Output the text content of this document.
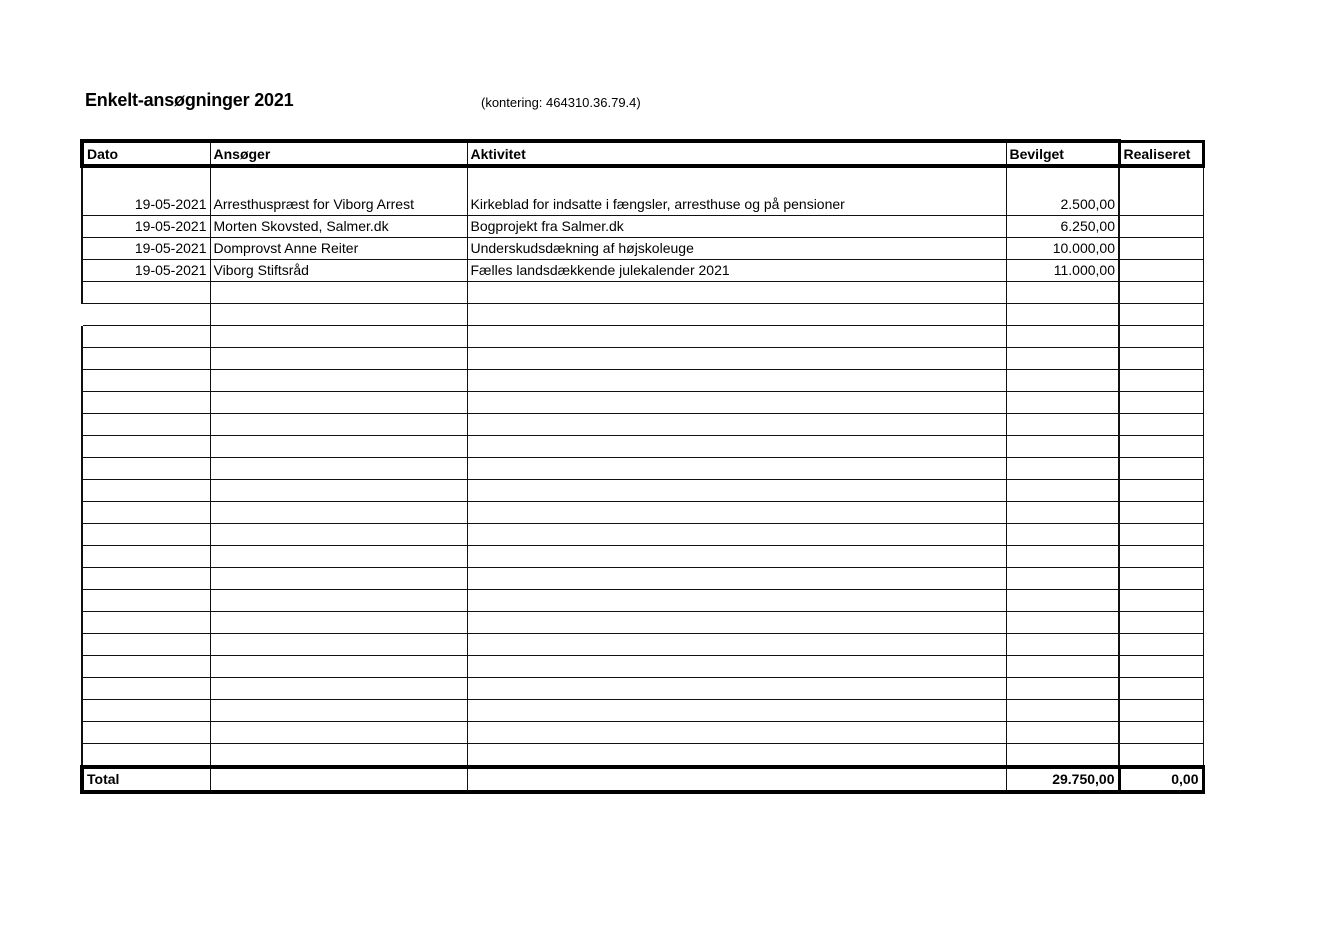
Enkelt-ansøgninger 2021	(kontering: 464310.36.79.4)
Dato	Ansøger	Aktivitet	Bevilget	Realiseret
19-05-2021	Arresthuspræst for Viborg Arrest	Kirkeblad for indsatte i fængsler, arresthuse og på pensioner	2.500,00	
19-05-2021	Morten Skovsted, Salmer.dk	Bogprojekt fra Salmer.dk	6.250,00	
19-05-2021	Domprovst Anne Reiter	Underskudsdækning af højskoleuge	10.000,00	
19-05-2021	Viborg Stiftsråd	Fælles landsdækkende julekalender 2021	11.000,00	

Total			29.750,00	0,00
